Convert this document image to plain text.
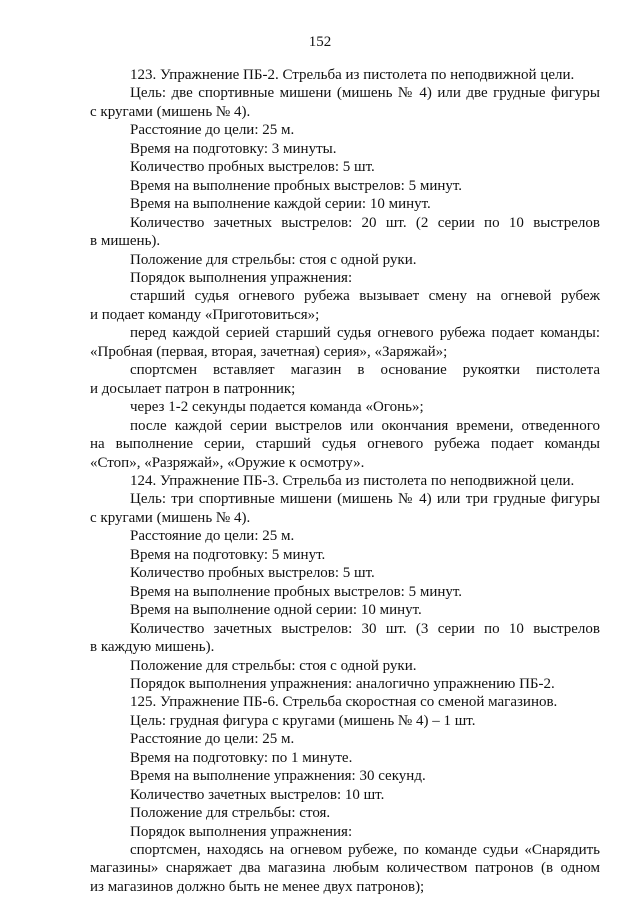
152
123. Упражнение ПБ-2. Стрельба из пистолета по неподвижной цели.
Цель: две спортивные мишени (мишень № 4) или две грудные фигуры
с кругами (мишень № 4).
Расстояние до цели: 25 м.
Время на подготовку: 3 минуты.
Количество пробных выстрелов: 5 шт.
Время на выполнение пробных выстрелов: 5 минут.
Время на выполнение каждой серии: 10 минут.
Количество зачетных выстрелов: 20 шт. (2 серии по 10 выстрелов
в мишень).
Положение для стрельбы: стоя с одной руки.
Порядок выполнения упражнения:
старший судья огневого рубежа вызывает смену на огневой рубеж
и подает команду «Приготовиться»;
перед каждой серией старший судья огневого рубежа подает команды:
«Пробная (первая, вторая, зачетная) серия», «Заряжай»;
спортсмен вставляет магазин в основание рукоятки пистолета
и досылает патрон в патронник;
через 1-2 секунды подается команда «Огонь»;
после каждой серии выстрелов или окончания времени, отведенного
на выполнение серии, старший судья огневого рубежа подает команды
«Стоп», «Разряжай», «Оружие к осмотру».
124. Упражнение ПБ-3. Стрельба из пистолета по неподвижной цели.
Цель: три спортивные мишени (мишень № 4) или три грудные фигуры
с кругами (мишень № 4).
Расстояние до цели: 25 м.
Время на подготовку: 5 минут.
Количество пробных выстрелов: 5 шт.
Время на выполнение пробных выстрелов: 5 минут.
Время на выполнение одной серии: 10 минут.
Количество зачетных выстрелов: 30 шт. (3 серии по 10 выстрелов
в каждую мишень).
Положение для стрельбы: стоя с одной руки.
Порядок выполнения упражнения: аналогично упражнению ПБ-2.
125. Упражнение ПБ-6. Стрельба скоростная со сменой магазинов.
Цель: грудная фигура с кругами (мишень № 4) – 1 шт.
Расстояние до цели: 25 м.
Время на подготовку: по 1 минуте.
Время на выполнение упражнения: 30 секунд.
Количество зачетных выстрелов: 10 шт.
Положение для стрельбы: стоя.
Порядок выполнения упражнения:
спортсмен, находясь на огневом рубеже, по команде судьи «Снарядить
магазины» снаряжает два магазина любым количеством патронов (в одном
из магазинов должно быть не менее двух патронов);
